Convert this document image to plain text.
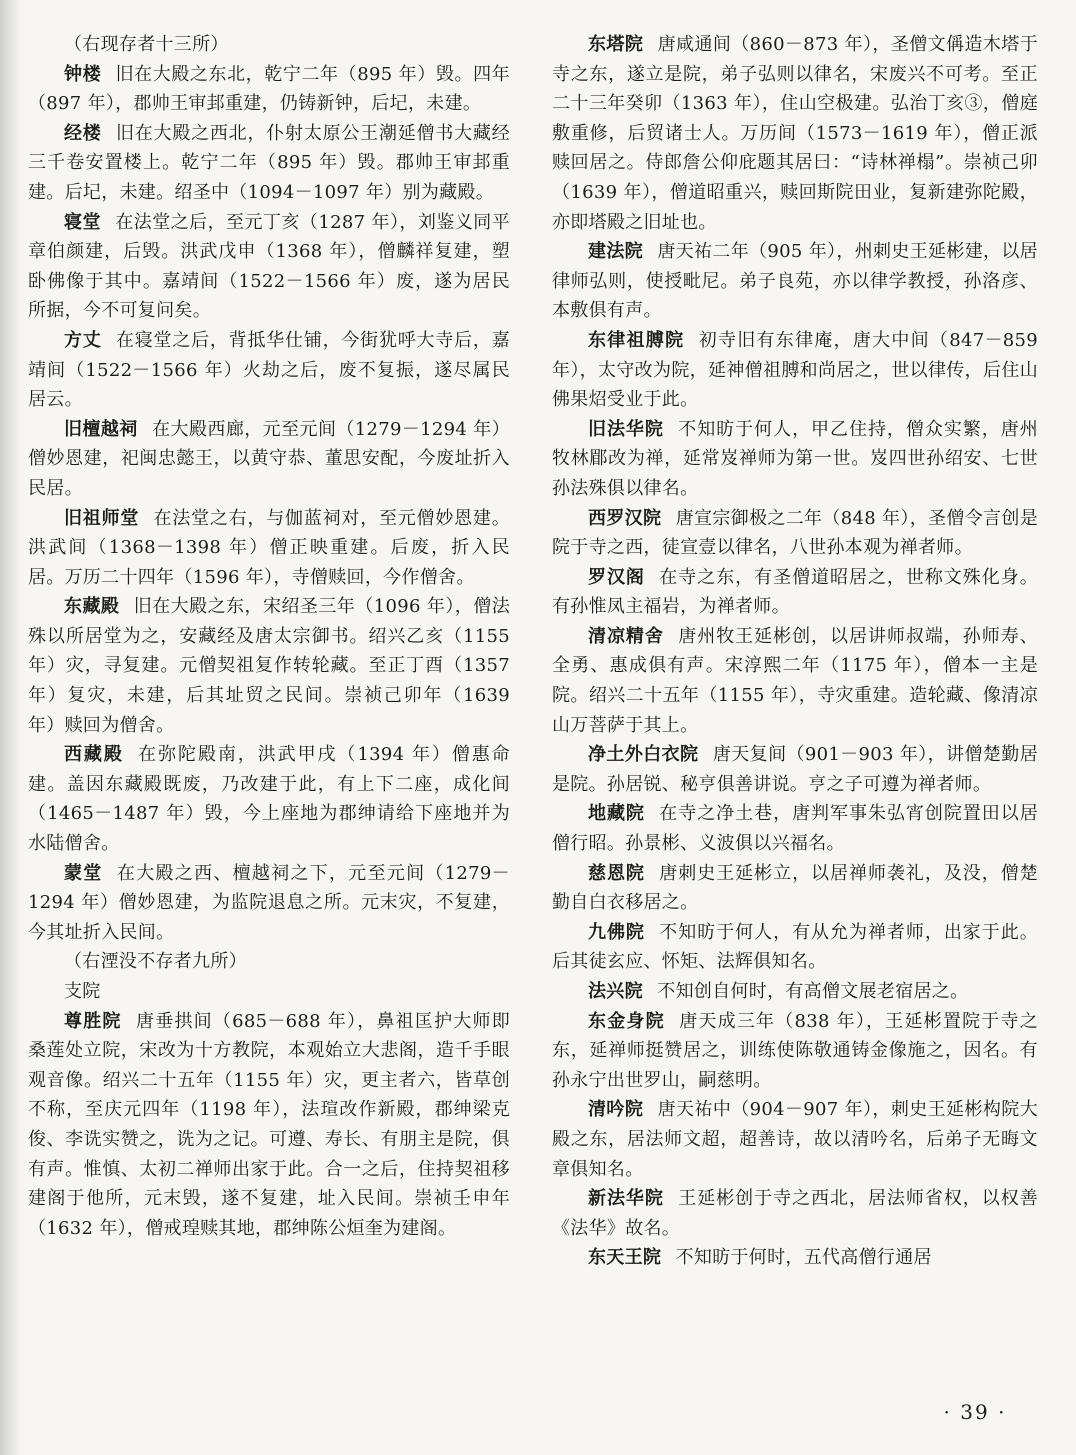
（右现存者十三所）

钟楼 旧在大殿之东北，乾宁二年（895 年）毁。四年（897 年），郡帅王审邽重建，仍铸新钟，后圮，未建。

经楼 旧在大殿之西北，仆射太原公王潮延僧书大藏经三千卷安置楼上。乾宁二年（895 年）毁。郡帅王审邽重建。后圮，未建。绍圣中（1094－1097 年）别为藏殿。

寝堂 在法堂之后，至元丁亥（1287 年），刘鉴义同平章伯颜建，后毁。洪武戊申（1368 年），僧麟祥复建，塑卧佛像于其中。嘉靖间（1522－1566 年）废，遂为居民所据，今不可复问矣。

方丈 在寝堂之后，背抵华仕铺，今街犹呼大寺后，嘉靖间（1522－1566 年）火劫之后，废不复振，遂尽属民居云。

旧檀越祠 在大殿西廊，元至元间（1279－1294 年）僧妙恩建，祀闽忠懿王，以黄守恭、董思安配，今废址折入民居。

旧祖师堂 在法堂之右，与伽蓝祠对，至元僧妙恩建。洪武间（1368－1398 年）僧正映重建。后废，折入民居。万历二十四年（1596 年），寺僧赎回，今作僧舍。

东藏殿 旧在大殿之东，宋绍圣三年（1096 年），僧法殊以所居堂为之，安藏经及唐太宗御书。绍兴乙亥（1155 年）灾，寻复建。元僧契祖复作转轮藏。至正丁酉（1357 年）复灾，未建，后其址贸之民间。崇祯己卯年（1639 年）赎回为僧舍。

西藏殿 在弥陀殿南，洪武甲戌（1394 年）僧惠命建。盖因东藏殿既废，乃改建于此，有上下二座，成化间（1465－1487 年）毁，今上座地为郡绅请给下座地并为水陆僧舍。

蒙堂 在大殿之西、檀越祠之下，元至元间（1279－1294 年）僧妙恩建，为监院退息之所。元末灾，不复建，今其址折入民间。

（右湮没不存者九所）

支院

尊胜院 唐垂拱间（685－688 年），鼻祖匡护大师即桑莲处立院，宋改为十方教院，本观始立大悲阁，造千手眼观音像。绍兴二十五年（1155 年）灾，更主者六，皆草创不称，至庆元四年（1198 年），法瑄改作新殿，郡绅梁克俊、李诜实赞之，诜为之记。可遵、寿长、有朋主是院，俱有声。惟慎、太初二禅师出家于此。合一之后，住持契祖移建阁于他所，元末毁，遂不复建，址入民间。崇祯壬申年（1632 年），僧戒瑝赎其地，郡绅陈公烜奎为建阁。

东塔院 唐咸通间（860－873 年），圣僧文偁造木塔于寺之东，遂立是院，弟子弘则以律名，宋废兴不可考。至正二十三年癸卯（1363 年），住山空极建。弘治丁亥③，僧庭敷重修，后贸诸士人。万历间（1573－1619 年），僧正派赎回居之。侍郎詹公仰庇题其居曰：“诗林禅榻”。崇祯己卯（1639 年），僧道昭重兴，赎回斯院田业，复新建弥陀殿，亦即塔殿之旧址也。

建法院 唐天祐二年（905 年），州刺史王延彬建，以居律师弘则，使授毗尼。弟子良苑，亦以律学教授，孙洛彦、本敷俱有声。

东律祖膊院 初寺旧有东律庵，唐大中间（847－859 年），太守改为院，延神僧祖膊和尚居之，世以律传，后住山佛果炤受业于此。

旧法华院 不知昉于何人，甲乙住持，僧众实繁，唐州牧林郿改为禅，延常岌禅师为第一世。岌四世孙绍安、七世孙法殊俱以律名。

西罗汉院 唐宣宗御极之二年（848 年），圣僧令言创是院于寺之西，徒宣壹以律名，八世孙本观为禅者师。

罗汉阁 在寺之东，有圣僧道昭居之，世称文殊化身。有孙惟凤主福岩，为禅者师。

清凉精舍 唐州牧王延彬创，以居讲师叔端，孙师寿、全勇、惠成俱有声。宋淳熙二年（1175 年），僧本一主是院。绍兴二十五年（1155 年），寺灾重建。造轮藏、像清凉山万菩萨于其上。

净土外白衣院 唐天复间（901－903 年），讲僧楚勤居是院。孙居锐、秘亨俱善讲说。亨之子可遵为禅者师。

地藏院 在寺之净土巷，唐判军事朱弘宵创院置田以居僧行昭。孙景彬、义波俱以兴福名。

慈恩院 唐刺史王延彬立，以居禅师袭礼，及没，僧楚勤自白衣移居之。

九佛院 不知昉于何人，有从允为禅者师，出家于此。后其徒玄应、怀矩、法辉俱知名。

法兴院 不知创自何时，有高僧文展老宿居之。

东金身院 唐天成三年（838 年），王延彬置院于寺之东，延禅师挺赞居之，训练使陈敬通铸金像施之，因名。有孙永宁出世罗山，嗣慈明。

清吟院 唐天祐中（904－907 年），刺史王延彬构院大殿之东，居法师文超，超善诗，故以清吟名，后弟子无晦文章俱知名。

新法华院 王延彬创于寺之西北，居法师省权，以权善《法华》故名。

东天王院 不知昉于何时，五代高僧行通居

· 39 ·
